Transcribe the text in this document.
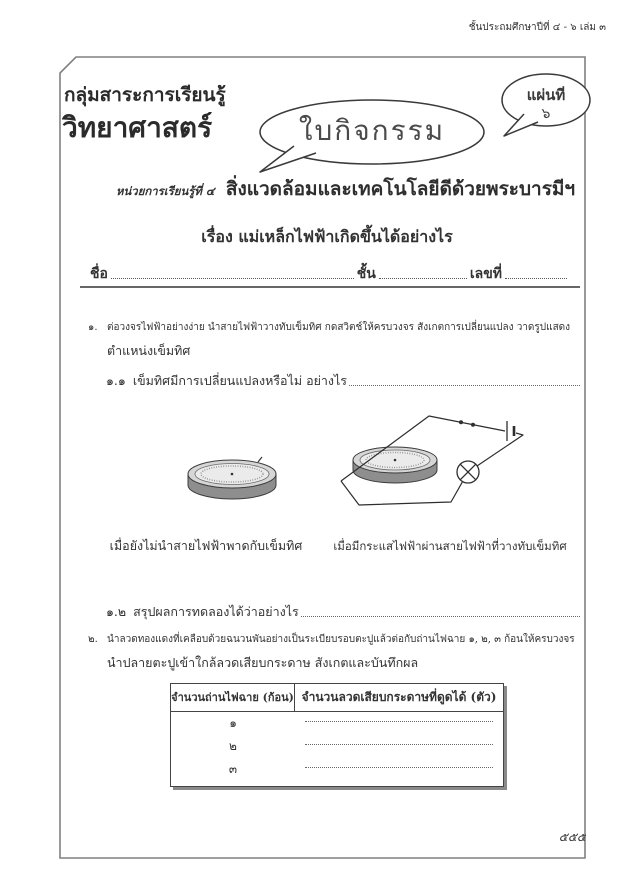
ชั้นประถมศึกษาปีที่ ๔ - ๖ เล่ม ๓
กลุ่มสาระการเรียนรู้
วิทยาศาสตร์	ใบกิจกรรม
แผ่นที่
๖
หน่วยการเรียนรู้ที่ ๔ สิ่งแวดล้อมและเทคโนโลยีดีด้วยพระบารมีฯ
เรื่อง แม่เหล็กไฟฟ้าเกิดขึ้นได้อย่างไร
ชื่อ	ชั้น	เลขที่
๑. ต่อวงจรไฟฟ้าอย่างง่าย นำสายไฟฟ้าวางทับเข็มทิศ กดสวิตช์ให้ครบวงจร สังเกตการเปลี่ยนแปลง วาดรูปแสดง
ตำแหน่งเข็มทิศ
๑.๑ เข็มทิศมีการเปลี่ยนแปลงหรือไม่ อย่างไร
เมื่อยังไม่นำสายไฟฟ้าพาดกับเข็มทิศ	เมื่อมีกระแสไฟฟ้าผ่านสายไฟฟ้าที่วางทับเข็มทิศ
๑.๒ สรุปผลการทดลองได้ว่าอย่างไร
๒. นำลวดทองแดงที่เคลือบด้วยฉนวนพันอย่างเป็นระเบียบรอบตะปูแล้วต่อกับถ่านไฟฉาย ๑, ๒, ๓ ก้อนให้ครบวงจร
นำปลายตะปูเข้าใกล้ลวดเสียบกระดาษ สังเกตและบันทึกผล
จำนวนถ่านไฟฉาย (ก้อน) จำนวนลวดเสียบกระดาษที่ดูดได้ (ตัว)
๑
๒
๓
๕๕๕
